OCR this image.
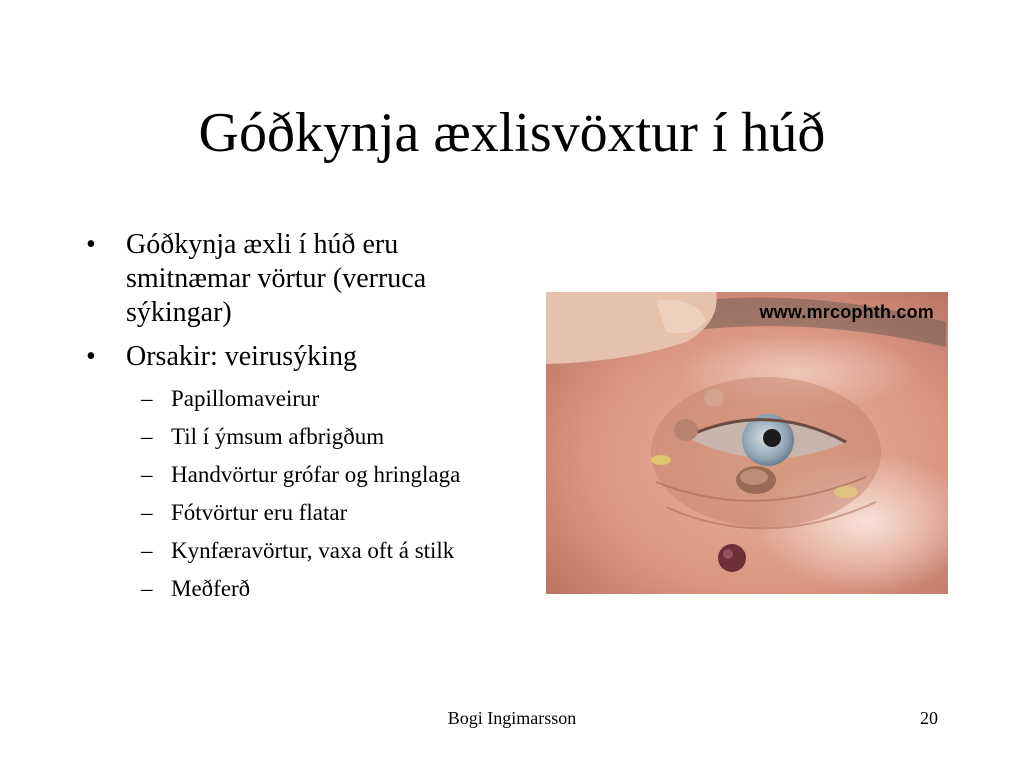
Góðkynja æxlisvöxtur í húð

• Góðkynja æxli í húð eru smitnæmar vörtur (verruca sýkingar)

• Orsakir: veirusýking

– Papillomaveirur

– Til í ýmsum afbrigðum

– Handvörtur grófar og hringlaga

– Fótvörtur eru flatar

– Kynfæravörtur, vaxa oft á stilk

– Meðferð

www.mrcophth.com
Bogi Ingimarsson	20
